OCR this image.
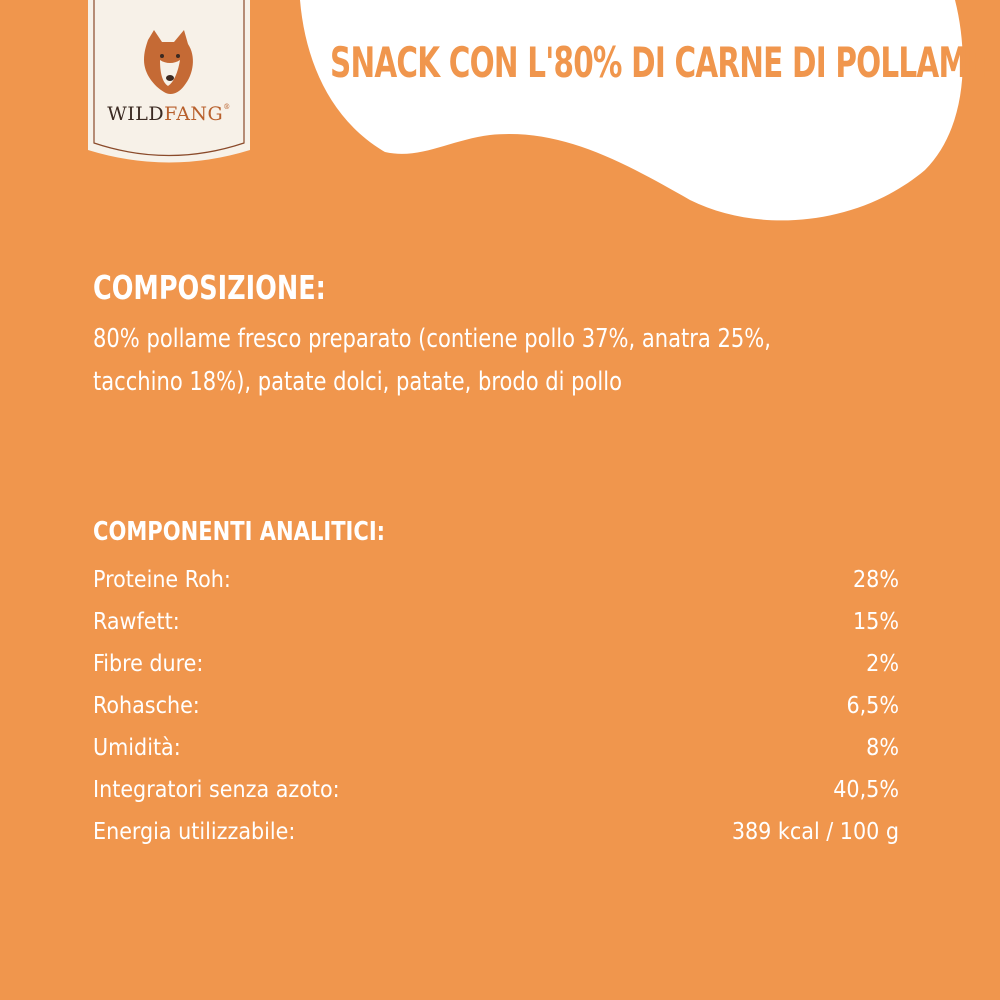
WILDFANG®
SNACK CON L'80% DI CARNE DI POLLAME
COMPOSIZIONE:
80% pollame fresco preparato (contiene pollo 37%, anatra 25%, tacchino 18%), patate dolci, patate, brodo di pollo
COMPONENTI ANALITICI:
Proteine Roh:	28%
Rawfett:	15%
Fibre dure:	2%
Rohasche:	6,5%
Umidità:	8%
Integratori senza azoto:	40,5%
Energia utilizzabile:	389 kcal / 100 g
